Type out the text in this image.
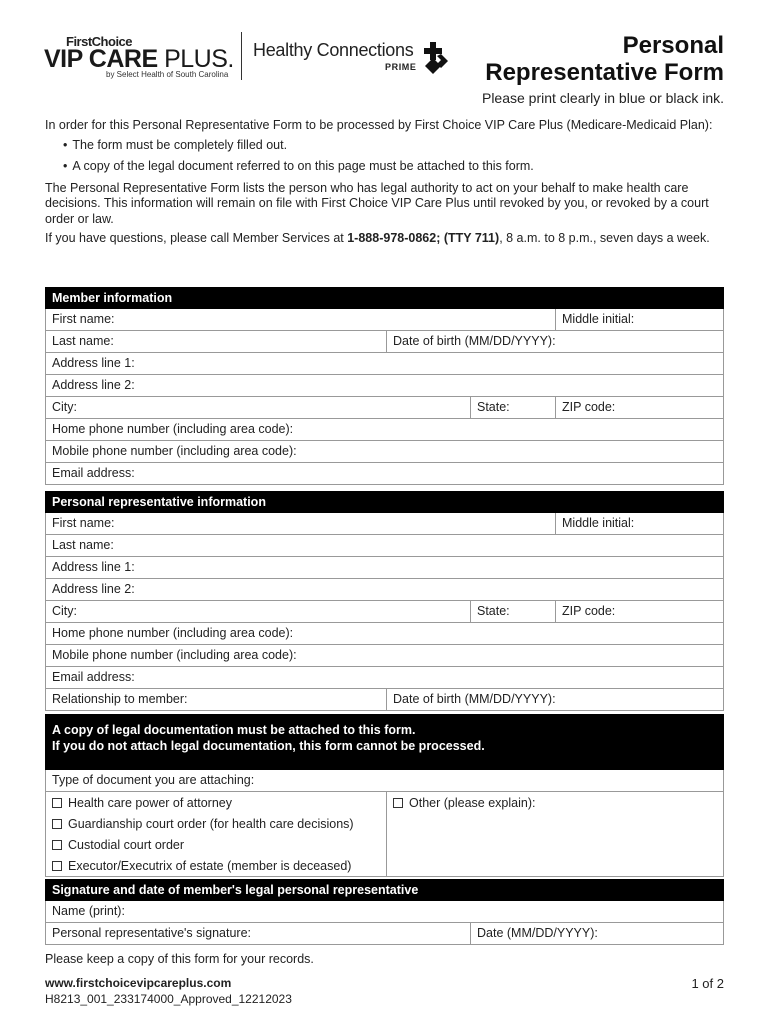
FirstChoice
VIP CARE PLUS.
by Select Health of South Carolina
Healthy Connections
PRIME
Personal
Representative Form
Please print clearly in blue or black ink.

In order for this Personal Representative Form to be processed by First Choice VIP Care Plus (Medicare-Medicaid Plan):

• The form must be completely filled out.
• A copy of the legal document referred to on this page must be attached to this form.

The Personal Representative Form lists the person who has legal authority to act on your behalf to make health care decisions. This information will remain on file with First Choice VIP Care Plus until revoked by you, or revoked by a court order or law.

If you have questions, please call Member Services at 1-888-978-0862; (TTY 711), 8 a.m. to 8 p.m., seven days a week.

Member information
First name:	Middle initial:
Last name:	Date of birth (MM/DD/YYYY):
Address line 1:
Address line 2:
City:	State:	ZIP code:
Home phone number (including area code):
Mobile phone number (including area code):
Email address:
Personal representative information
First name:	Middle initial:
Last name:
Address line 1:
Address line 2:
City:	State:	ZIP code:
Home phone number (including area code):
Mobile phone number (including area code):
Email address:
Relationship to member:	Date of birth (MM/DD/YYYY):
A copy of legal documentation must be attached to this form.
If you do not attach legal documentation, this form cannot be processed.
Type of document you are attaching:
Health care power of attorney
Guardianship court order (for health care decisions)
Custodial court order
Executor/Executrix of estate (member is deceased)
Other (please explain):
Signature and date of member's legal personal representative
Name (print):
Personal representative's signature:	Date (MM/DD/YYYY):
Please keep a copy of this form for your records.
www.firstchoicevipcareplus.com
H8213_001_233174000_Approved_12212023
1 of 2
